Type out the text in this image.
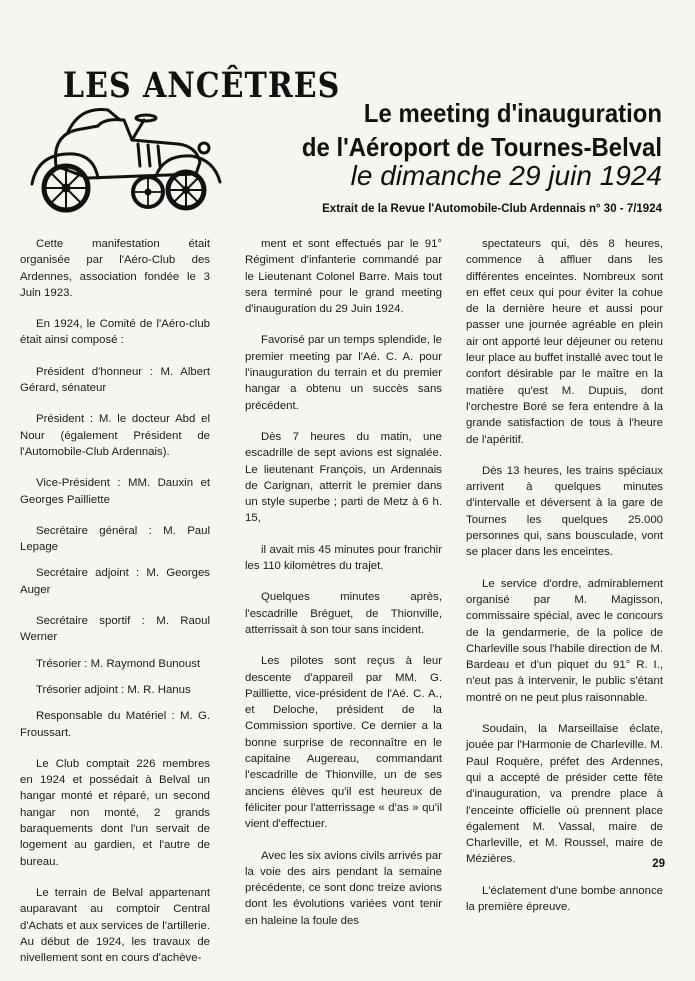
LES ANCÊTRES
Le meeting d'inauguration
de l'Aéroport de Tournes-Belval
le dimanche 29 juin 1924
Extrait de la Revue l'Automobile-Club Ardennais n° 30 - 7/1924

Cette manifestation était organisée par l'Aéro-Club des Ardennes, association fondée le 3 Juin 1923.

En 1924, le Comité de l'Aéro-club était ainsi composé :

Président d'honneur : M. Albert Gérard, sénateur

Président : M. le docteur Abd el Nour (également Président de l'Automobile-Club Ardennais).

Vice-Président : MM. Dauxin et Georges Pailliette

Secrétaire général : M. Paul Lepage

Secrétaire adjoint : M. Georges Auger

Secrétaire sportif : M. Raoul Werner

Trésorier : M. Raymond Bunoust

Trésorier adjoint : M. R. Hanus

Responsable du Matériel : M. G. Froussart.

Le Club comptait 226 membres en 1924 et possédait à Belval un hangar monté et réparé, un second hangar non monté, 2 grands baraquements dont l'un servait de logement au gardien, et l'autre de bureau.

Le terrain de Belval appartenant auparavant au comptoir Central d'Achats et aux services de l'artillerie. Au début de 1924, les travaux de nivellement sont en cours d'achève-

ment et sont effectués par le 91° Régiment d'infanterie commandé par le Lieutenant Colonel Barre. Mais tout sera terminé pour le grand meeting d'inauguration du 29 Juin 1924.

Favorisé par un temps splendide, le premier meeting par l'Aé. C. A. pour l'inauguration du terrain et du premier hangar a obtenu un succès sans précédent.

Dès 7 heures du matin, une escadrille de sept avions est signalée. Le lieutenant François, un Ardennais de Carignan, atterrit le premier dans un style superbe ; parti de Metz à 6 h. 15,

il avait mis 45 minutes pour franchir les 110 kilomètres du trajet.

Quelques minutes après, l'escadrille Bréguet, de Thionville, atterrissait à son tour sans incident.

Les pilotes sont reçus à leur descente d'appareil par MM. G. Pailliette, vice-président de l'Aé. C. A., et Deloche, président de la Commission sportive. Ce dernier a la bonne surprise de reconnaître en le capitaine Augereau, commandant l'escadrille de Thionville, un de ses anciens élèves qu'il est heureux de féliciter pour l'atterrissage « d'as » qu'il vient d'effectuer.

Avec les six avions civils arrivés par la voie des airs pendant la semaine précédente, ce sont donc treize avions dont les évolutions variées vont tenir en haleine la foule des

spectateurs qui, dès 8 heures, commence à affluer dans les différentes enceintes. Nombreux sont en effet ceux qui pour éviter la cohue de la dernière heure et aussi pour passer une journée agréable en plein air ont apporté leur déjeuner ou retenu leur place au buffet installé avec tout le confort désirable par le maître en la matière qu'est M. Dupuis, dont l'orchestre Boré se fera entendre à la grande satisfaction de tous à l'heure de l'apéritif.

Dès 13 heures, les trains spéciaux arrivent à quelques minutes d'intervalle et déversent à la gare de Tournes les quelques 25.000 personnes qui, sans bousculade, vont se placer dans les enceintes.

Le service d'ordre, admirablement organisé par M. Magisson, commissaire spécial, avec le concours de la gendarmerie, de la police de Charleville sous l'habile direction de M. Bardeau et d'un piquet du 91° R. I., n'eut pas à intervenir, le public s'étant montré on ne peut plus raisonnable.

Soudain, la Marseillaise éclate, jouée par l'Harmonie de Charleville. M. Paul Roquère, préfet des Ardennes, qui a accepté de présider cette fête d'inauguration, va prendre place à l'enceinte officielle où prennent place également M. Vassal, maire de Charleville, et M. Roussel, maire de Mézières.

L'éclatement d'une bombe annonce la première épreuve.

29
